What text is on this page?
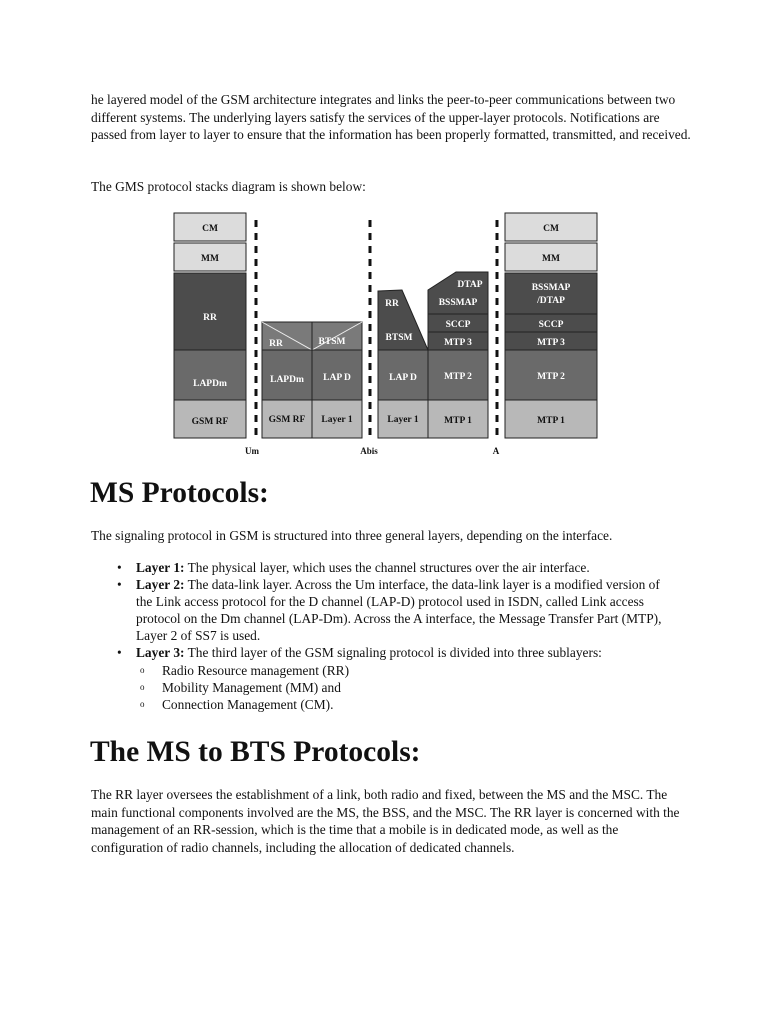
he layered model of the GSM architecture integrates and links the peer-to-peer communications between two different systems. The underlying layers satisfy the services of the upper-layer protocols. Notifications are passed from layer to layer to ensure that the information has been properly formatted, transmitted, and received.

The GMS protocol stacks diagram is shown below:

CM
MM
RR
LAPDm
GSM RF
RR	BTSM
LAPDm LAP D
GSM RF Layer 1
RR
BTSM
LAP D
Layer 1
DTAP
BSSMAP
SCCP
MTP 3
MTP 2
MTP 1
CM
MM
BSSMAP
/DTAP
SCCP
MTP 3
MTP 2
MTP 1
Um	Abis	A
MS Protocols:

The signaling protocol in GSM is structured into three general layers, depending on the interface.

• Layer 1: The physical layer, which uses the channel structures over the air interface.
• Layer 2: The data-link layer. Across the Um interface, the data-link layer is a modified version of the Link access protocol for the D channel (LAP-D) protocol used in ISDN, called Link access protocol on the Dm channel (LAP-Dm). Across the A interface, the Message Transfer Part (MTP), Layer 2 of SS7 is used.
• Layer 3: The third layer of the GSM signaling protocol is divided into three sublayers:
o Radio Resource management (RR)
o Mobility Management (MM) and
o Connection Management (CM).
The MS to BTS Protocols:

The RR layer oversees the establishment of a link, both radio and fixed, between the MS and the MSC. The main functional components involved are the MS, the BSS, and the MSC. The RR layer is concerned with the management of an RR-session, which is the time that a mobile is in dedicated mode, as well as the configuration of radio channels, including the allocation of dedicated channels.
